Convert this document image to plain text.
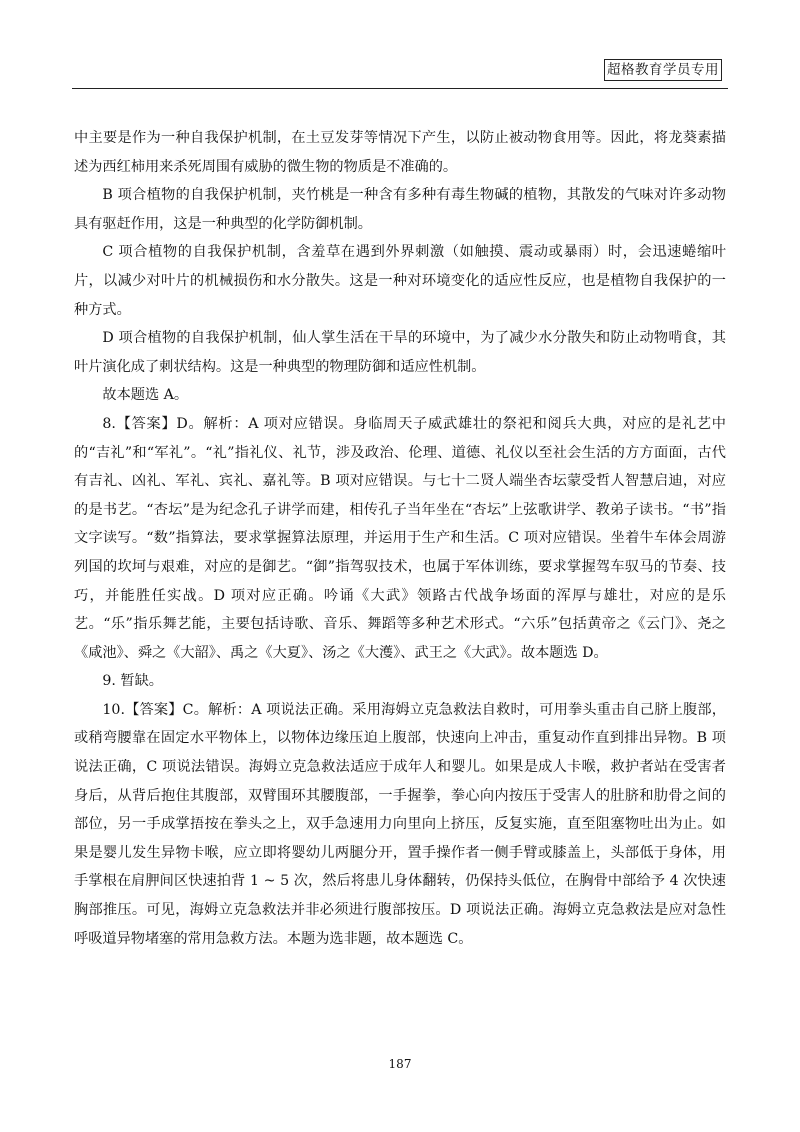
超格教育学员专用

中主要是作为一种自我保护机制，在土豆发芽等情况下产生，以防止被动物食用等。因此，将龙葵素描述为西红柿用来杀死周围有威胁的微生物的物质是不准确的。

B 项合植物的自我保护机制，夹竹桃是一种含有多种有毒生物碱的植物，其散发的气味对许多动物具有驱赶作用，这是一种典型的化学防御机制。

C 项合植物的自我保护机制，含羞草在遇到外界刺激（如触摸、震动或暴雨）时，会迅速蜷缩叶片，以减少对叶片的机械损伤和水分散失。这是一种对环境变化的适应性反应，也是植物自我保护的一种方式。

D 项合植物的自我保护机制，仙人掌生活在干旱的环境中，为了减少水分散失和防止动物啃食，其叶片演化成了刺状结构。这是一种典型的物理防御和适应性机制。

故本题选 A。

8.【答案】D。解析：A 项对应错误。身临周天子威武雄壮的祭祀和阅兵大典，对应的是礼艺中的“吉礼”和“军礼”。“礼”指礼仪、礼节，涉及政治、伦理、道德、礼仪以至社会生活的方方面面，古代有吉礼、凶礼、军礼、宾礼、嘉礼等。B 项对应错误。与七十二贤人端坐杏坛蒙受哲人智慧启迪，对应的是书艺。“杏坛”是为纪念孔子讲学而建，相传孔子当年坐在“杏坛”上弦歌讲学、教弟子读书。“书”指文字读写。“数”指算法，要求掌握算法原理，并运用于生产和生活。C 项对应错误。坐着牛车体会周游列国的坎坷与艰难，对应的是御艺。“御”指驾驭技术，也属于军体训练，要求掌握驾车驭马的节奏、技巧，并能胜任实战。D 项对应正确。吟诵《大武》领路古代战争场面的浑厚与雄壮，对应的是乐艺。“乐”指乐舞艺能，主要包括诗歌、音乐、舞蹈等多种艺术形式。“六乐”包括黄帝之《云门》、尧之《咸池》、舜之《大韶》、禹之《大夏》、汤之《大濩》、武王之《大武》。故本题选 D。

9. 暂缺。

10.【答案】C。解析：A 项说法正确。采用海姆立克急救法自救时，可用拳头重击自己脐上腹部，或稍弯腰靠在固定水平物体上，以物体边缘压迫上腹部，快速向上冲击，重复动作直到排出异物。B 项说法正确，C 项说法错误。海姆立克急救法适应于成年人和婴儿。如果是成人卡喉，救护者站在受害者身后，从背后抱住其腹部，双臂围环其腰腹部，一手握拳，拳心向内按压于受害人的肚脐和肋骨之间的部位，另一手成掌捂按在拳头之上，双手急速用力向里向上挤压，反复实施，直至阻塞物吐出为止。如果是婴儿发生异物卡喉，应立即将婴幼儿两腿分开，置手操作者一侧手臂或膝盖上，头部低于身体，用手掌根在肩胛间区快速拍背 1 ~ 5 次，然后将患儿身体翻转，仍保持头低位，在胸骨中部给予 4 次快速胸部推压。可见，海姆立克急救法并非必须进行腹部按压。D 项说法正确。海姆立克急救法是应对急性呼吸道异物堵塞的常用急救方法。本题为选非题，故本题选 C。

187
